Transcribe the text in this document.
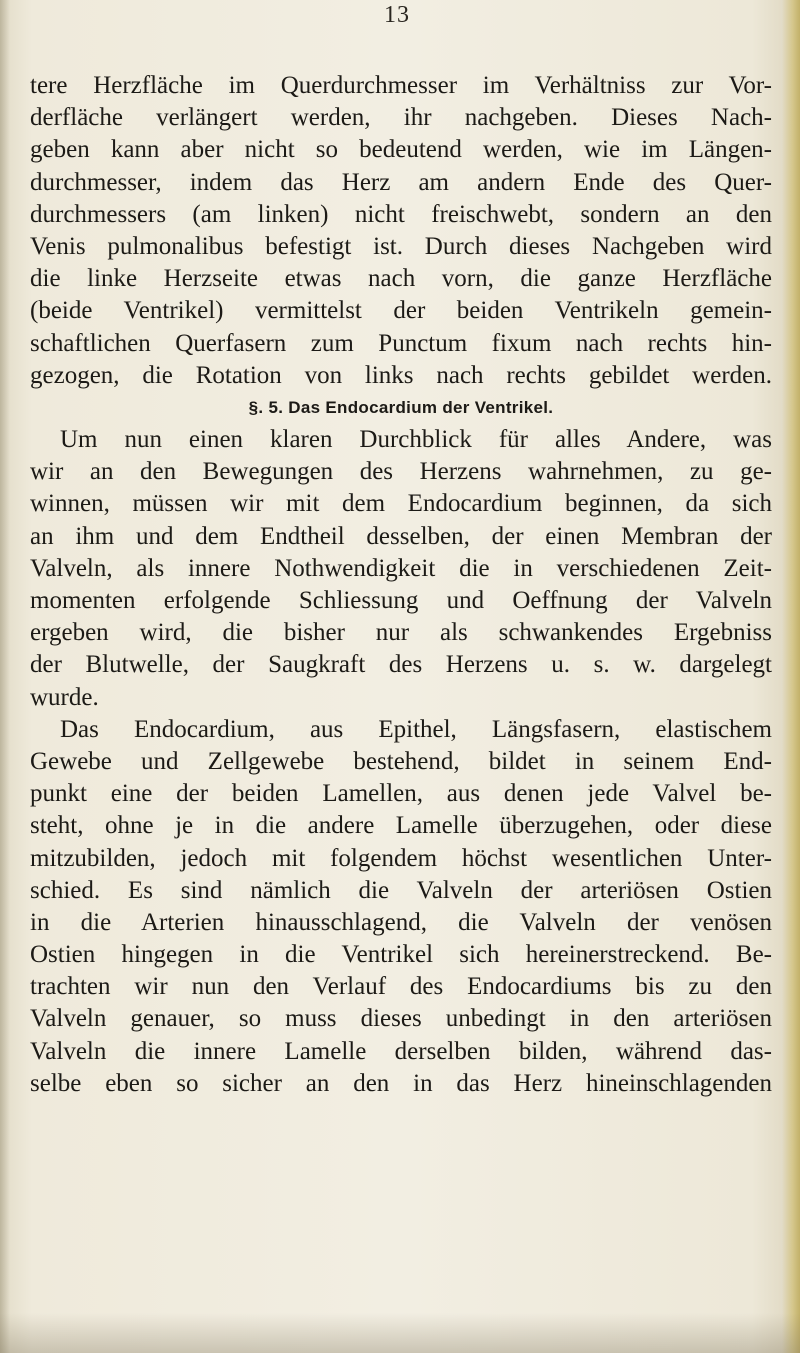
13
tere Herzfläche im Querdurchmesser im Verhältniss zur Vor-
derfläche verlängert werden, ihr nachgeben. Dieses Nach-
geben kann aber nicht so bedeutend werden, wie im Längen-
durchmesser, indem das Herz am andern Ende des Quer-
durchmessers (am linken) nicht freischwebt, sondern an den
Venis pulmonalibus befestigt ist. Durch dieses Nachgeben wird
die linke Herzseite etwas nach vorn, die ganze Herzfläche
(beide Ventrikel) vermittelst der beiden Ventrikeln gemein-
schaftlichen Querfasern zum Punctum fixum nach rechts hin-
gezogen, die Rotation von links nach rechts gebildet werden.
§. 5. Das Endocardium der Ventrikel.
Um nun einen klaren Durchblick für alles Andere, was
wir an den Bewegungen des Herzens wahrnehmen, zu ge-
winnen, müssen wir mit dem Endocardium beginnen, da sich
an ihm und dem Endtheil desselben, der einen Membran der
Valveln, als innere Nothwendigkeit die in verschiedenen Zeit-
momenten erfolgende Schliessung und Oeffnung der Valveln
ergeben wird, die bisher nur als schwankendes Ergebniss
der Blutwelle, der Saugkraft des Herzens u. s. w. dargelegt
wurde.
Das Endocardium, aus Epithel, Längsfasern, elastischem
Gewebe und Zellgewebe bestehend, bildet in seinem End-
punkt eine der beiden Lamellen, aus denen jede Valvel be-
steht, ohne je in die andere Lamelle überzugehen, oder diese
mitzubilden, jedoch mit folgendem höchst wesentlichen Unter-
schied. Es sind nämlich die Valveln der arteriösen Ostien
in die Arterien hinausschlagend, die Valveln der venösen
Ostien hingegen in die Ventrikel sich hereinerstreckend. Be-
trachten wir nun den Verlauf des Endocardiums bis zu den
Valveln genauer, so muss dieses unbedingt in den arteriösen
Valveln die innere Lamelle derselben bilden, während das-
selbe eben so sicher an den in das Herz hineinschlagenden
